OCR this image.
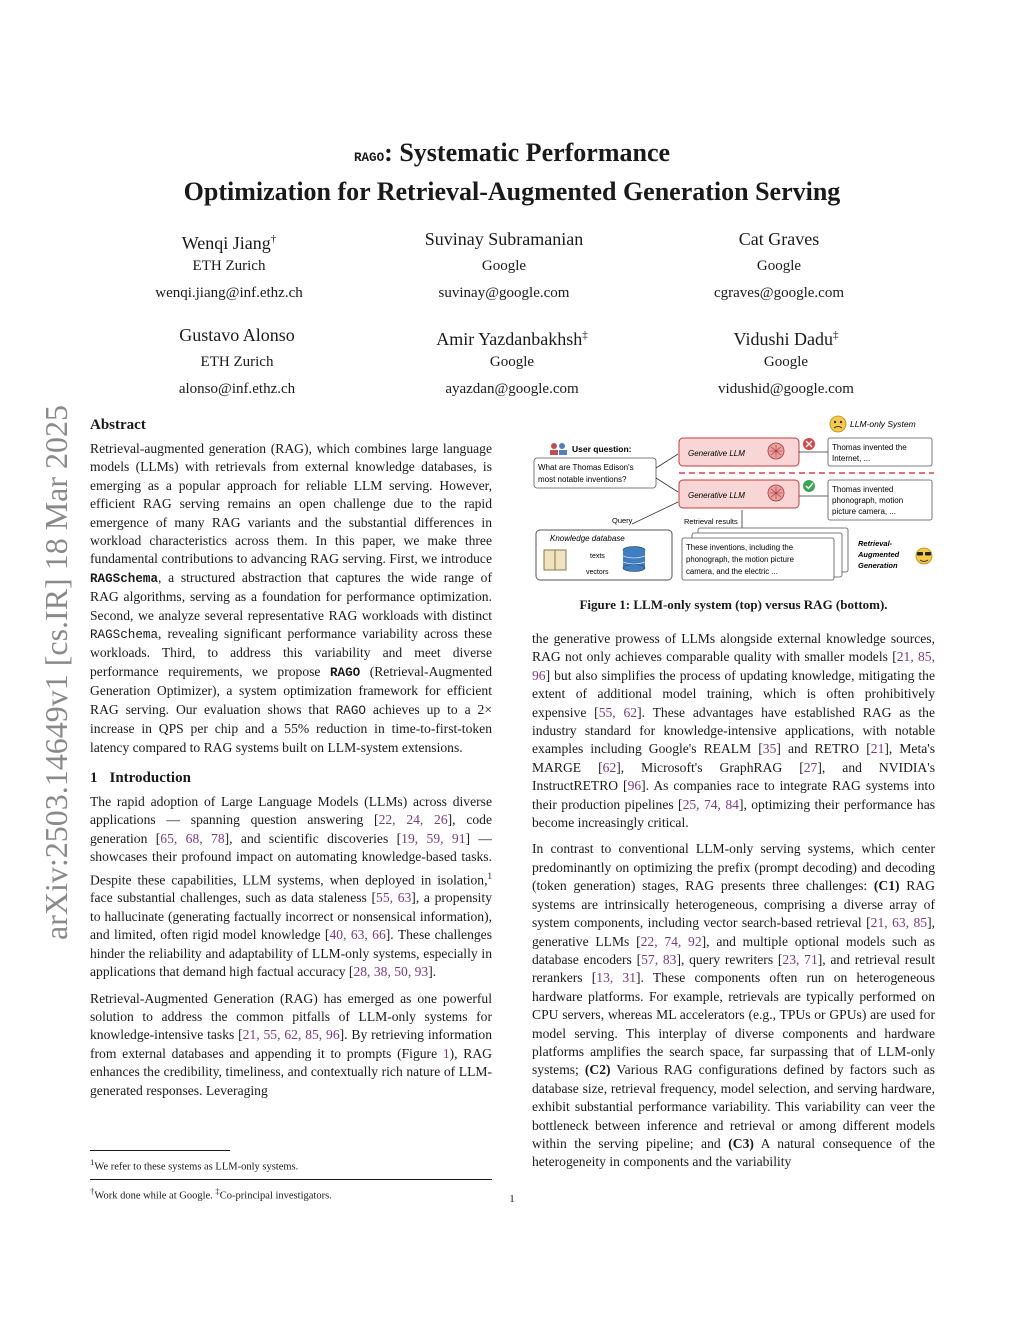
arXiv:2503.14649v1 [cs.IR] 18 Mar 2025
RAGO: Systematic Performance
Optimization for Retrieval-Augmented Generation Serving
Wenqi Jiang†
ETH Zurich
wenqi.jiang@inf.ethz.ch
Suvinay Subramanian
Google
suvinay@google.com
Cat Graves
Google
cgraves@google.com
Gustavo Alonso
ETH Zurich
alonso@inf.ethz.ch
Amir Yazdanbakhsh‡
Google
ayazdan@google.com
Vidushi Dadu‡
Google
vidushid@google.com
Abstract

Retrieval-augmented generation (RAG), which combines large language models (LLMs) with retrievals from external knowledge databases, is emerging as a popular approach for reliable LLM serving. However, efficient RAG serving remains an open challenge due to the rapid emergence of many RAG variants and the substantial differences in workload characteristics across them. In this paper, we make three fundamental contributions to advancing RAG serving. First, we introduce RAGSchema, a structured abstraction that captures the wide range of RAG algorithms, serving as a foundation for performance optimization. Second, we analyze several representative RAG workloads with distinct RAGSchema, revealing significant performance variability across these workloads. Third, to address this variability and meet diverse performance requirements, we propose RAGO (Retrieval-Augmented Generation Optimizer), a system optimization framework for efficient RAG serving. Our evaluation shows that RAGO achieves up to a 2× increase in QPS per chip and a 55% reduction in time-to-first-token latency compared to RAG systems built on LLM-system extensions.

1 Introduction

The rapid adoption of Large Language Models (LLMs) across diverse applications — spanning question answering [22, 24, 26], code generation [65, 68, 78], and scientific discoveries [19, 59, 91] — showcases their profound impact on automating knowledge-based tasks. Despite these capabilities, LLM systems, when deployed in isolation,$^1$ face substantial challenges, such as data staleness [55, 63], a propensity to hallucinate (generating factually incorrect or nonsensical information), and limited, often rigid model knowledge [40, 63, 66]. These challenges hinder the reliability and adaptability of LLM-only systems, especially in applications that demand high factual accuracy [28, 38, 50, 93].

Retrieval-Augmented Generation (RAG) has emerged as one powerful solution to address the common pitfalls of LLM-only systems for knowledge-intensive tasks [21, 55, 62, 85, 96]. By retrieving information from external databases and appending it to prompts (Figure 1), RAG enhances the credibility, timeliness, and contextually rich nature of LLM-generated responses. Leveraging

$^1$We refer to these systems as LLM-only systems.
†Work done while at Google. ‡Co-principal investigators.
LLM-only System
User question:
What are Thomas Edison's
most notable inventions?
Generative LLM
Thomas invented the
Internet, ...
Generative LLM
Thomas invented
phonograph, motion
picture camera, ...
Query	Retrieval results
Knowledge database
texts
vectors
These inventions, including the
phonograph, the motion picture
camera, and the electric ...
Retrieval-
Augmented
Generation
Figure 1: LLM-only system (top) versus RAG (bottom).

the generative prowess of LLMs alongside external knowledge sources, RAG not only achieves comparable quality with smaller models [21, 85, 96] but also simplifies the process of updating knowledge, mitigating the extent of additional model training, which is often prohibitively expensive [55, 62]. These advantages have established RAG as the industry standard for knowledge-intensive applications, with notable examples including Google's REALM [35] and RETRO [21], Meta's MARGE [62], Microsoft's GraphRAG [27], and NVIDIA's InstructRETRO [96]. As companies race to integrate RAG systems into their production pipelines [25, 74, 84], optimizing their performance has become increasingly critical.

In contrast to conventional LLM-only serving systems, which center predominantly on optimizing the prefix (prompt decoding) and decoding (token generation) stages, RAG presents three challenges: (C1) RAG systems are intrinsically heterogeneous, comprising a diverse array of system components, including vector search-based retrieval [21, 63, 85], generative LLMs [22, 74, 92], and multiple optional models such as database encoders [57, 83], query rewriters [23, 71], and retrieval result rerankers [13, 31]. These components often run on heterogeneous hardware platforms. For example, retrievals are typically performed on CPU servers, whereas ML accelerators (e.g., TPUs or GPUs) are used for model serving. This interplay of diverse components and hardware platforms amplifies the search space, far surpassing that of LLM-only systems; (C2) Various RAG configurations defined by factors such as database size, retrieval frequency, model selection, and serving hardware, exhibit substantial performance variability. This variability can veer the bottleneck between inference and retrieval or among different models within the serving pipeline; and (C3) A natural consequence of the heterogeneity in components and the variability

1
